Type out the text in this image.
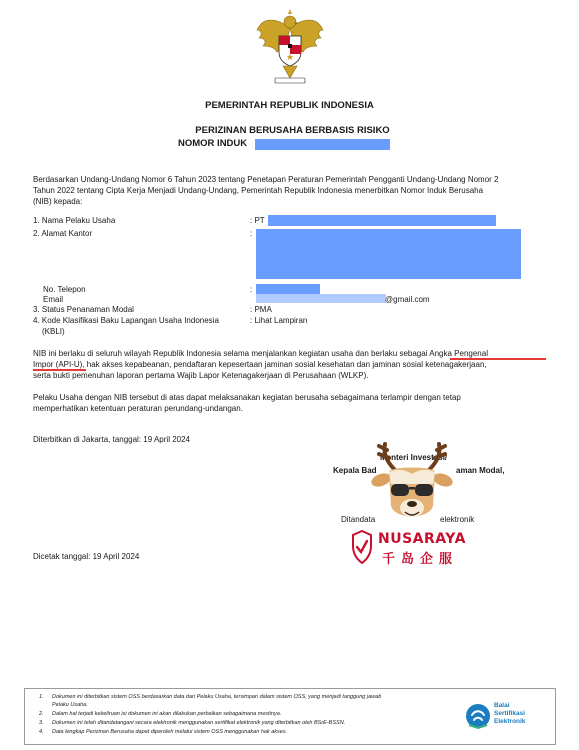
PEMERINTAH REPUBLIK INDONESIA
PERIZINAN BERUSAHA BERBASIS RISIKO
NOMOR INDUK
Berdasarkan Undang-Undang Nomor 6 Tahun 2023 tentang Penetapan Peraturan Pemerintah Pengganti Undang-Undang Nomor 2
Tahun 2022 tentang Cipta Kerja Menjadi Undang-Undang, Pemerintah Republik Indonesia menerbitkan Nomor Induk Berusaha
(NIB) kepada:
1. Nama Pelaku Usaha	: PT
2. Alamat Kantor	:
No. Telepon	:
Email	@gmail.com
3. Status Penanaman Modal	: PMA
4. Kode Klasifikasi Baku Lapangan Usaha Indonesia	: Lihat Lampiran
(KBLI)
NIB ini berlaku di seluruh wilayah Republik Indonesia selama menjalankan kegiatan usaha dan berlaku sebagai Angka Pengenal
Impor (API-U), hak akses kepabeanan, pendaftaran kepesertaan jaminan sosial kesehatan dan jaminan sosial ketenagakerjaan,
serta bukti pemenuhan laporan pertama Wajib Lapor Ketenagakerjaan di Perusahaan (WLKP).
Pelaku Usaha dengan NIB tersebut di atas dapat melaksanakan kegiatan berusaha sebagaimana terlampir dengan tetap
memperhatikan ketentuan peraturan perundang-undangan.
Diterbitkan di Jakarta, tanggal: 19 April 2024
Menteri Investasi/
Kepala Bad	aman Modal,
Ditandata	elektronik
Dicetak tanggal: 19 April 2024
NUSARAYA
千岛企服
1. Dokumen ini diterbitkan sistem OSS berdasarkan data dari Pelaku Usaha, tersimpan dalam sistem OSS, yang menjadi tanggung jawab
Pelaku Usaha.
2. Dalam hal terjadi kekeliruan isi dokumen ini akan dilakukan perbaikan sebagaimana mestinya.
3. Dokumen ini telah ditandatangani secara elektronik menggunakan sertifikat elektronik yang diterbitkan oleh BSrE-BSSN.
4. Data lengkap Perizinan Berusaha dapat diperoleh melalui sistem OSS menggunakan hak akses.
Balai
Sertifikasi
Elektronik
